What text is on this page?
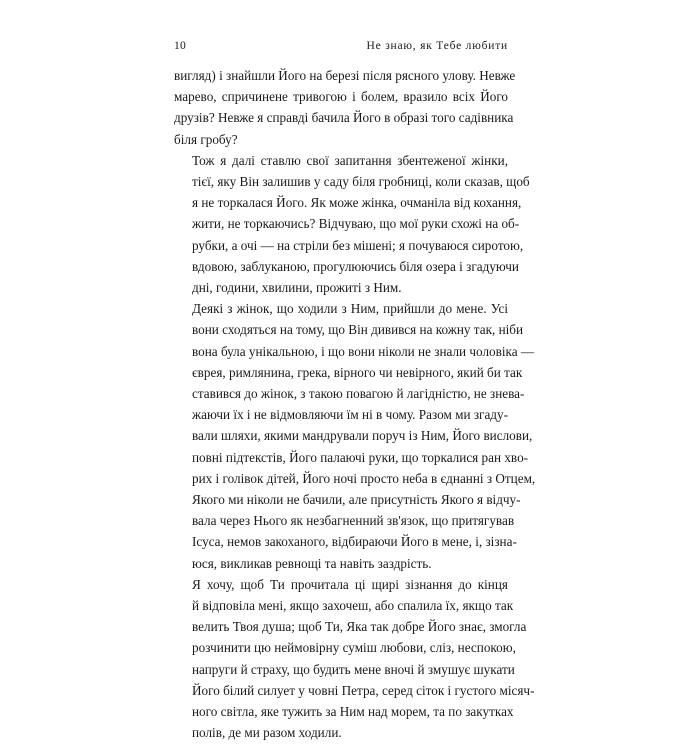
10	Не знаю, як Тебе любити
вигляд) і знайшли Його на березі після рясного улову. Невже
марево, спричинене тривогою і болем, вразило всіх Його
друзів? Невже я справді бачила Його в образі того садівника
біля гробу?
Тож я далі ставлю свої запитання збентеженої жінки,
тієї, яку Він залишив у саду біля гробниці, коли сказав, щоб
я не торкалася Його. Як може жінка, очманіла від кохання,
жити, не торкаючись? Відчуваю, що мої руки схожі на об-
рубки, а очі — на стріли без мішені; я почуваюся сиротою,
вдовою, заблуканою, прогулюючись біля озера і згадуючи
дні, години, хвилини, прожиті з Ним.
Деякі з жінок, що ходили з Ним, прийшли до мене. Усі
вони сходяться на тому, що Він дивився на кожну так, ніби
вона була унікальною, і що вони ніколи не знали чоловіка —
єврея, римлянина, грека, вірного чи невірного, який би так
ставився до жінок, з такою повагою й лагідністю, не знева-
жаючи їх і не відмовляючи їм ні в чому. Разом ми згаду-
вали шляхи, якими мандрували поруч із Ним, Його вислови,
повні підтекстів, Його палаючі руки, що торкалися ран хво-
рих і голівок дітей, Його ночі просто неба в єднанні з Отцем,
Якого ми ніколи не бачили, але присутність Якого я відчу-
вала через Нього як незбагненний зв'язок, що притягував
Ісуса, немов закоханого, відбираючи Його в мене, і, зізна-
юся, викликав ревнощі та навіть заздрість.
Я хочу, щоб Ти прочитала ці щирі зізнання до кінця
й відповіла мені, якщо захочеш, або спалила їх, якщо так
велить Твоя душа; щоб Ти, Яка так добре Його знає, змогла
розчинити цю неймовірну суміш любови, сліз, неспокою,
напруги й страху, що будить мене вночі й змушує шукати
Його білий силует у човні Петра, серед сіток і густого місяч-
ного світла, яке тужить за Ним над морем, та по закутках
полів, де ми разом ходили.
